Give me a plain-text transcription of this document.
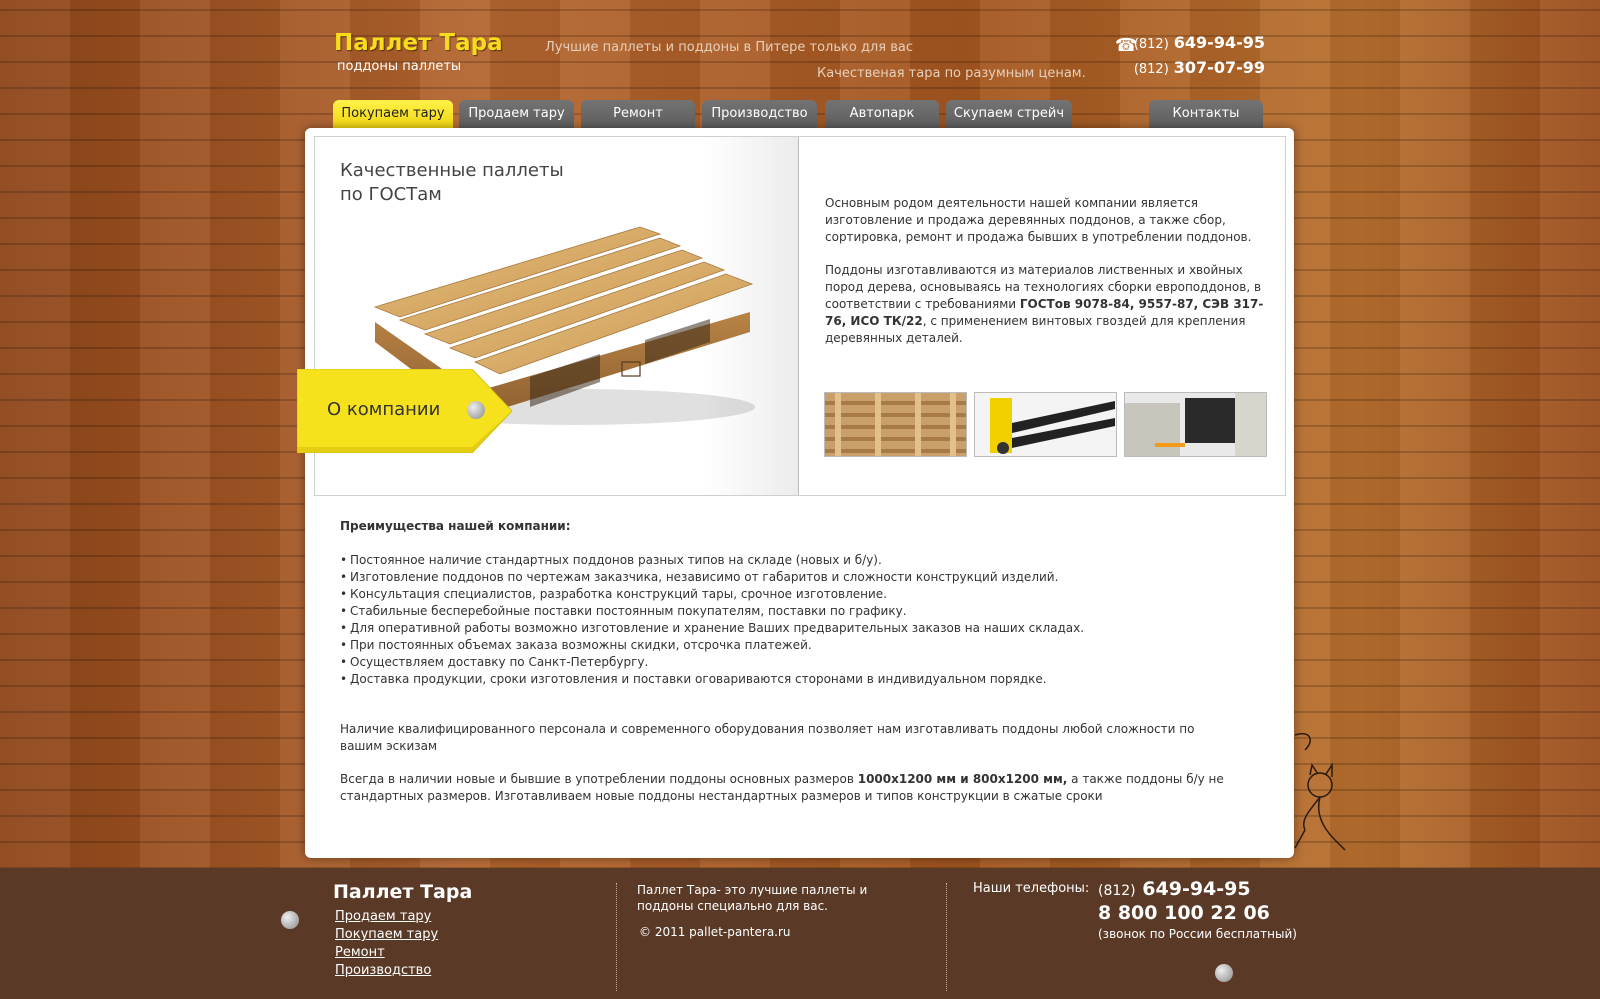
Паллет Тара
поддоны паллеты
Лучшие паллеты и поддоны в Питере только для вас
Качественая тара по разумным ценам.
☎
(812) 649-94-95
(812) 307-07-99
Покупаем тару	Продаем тару	Ремонт	Производство	Автопарк	Скупаем стрейч	Контакты
Качественные паллеты
по ГОСТам
О компании

Основным родом деятельности нашей компании является изготовление и продажа деревянных поддонов, а также сбор, сортировка, ремонт и продажа бывших в употреблении поддонов.

Поддоны изготавливаются из материалов лиственных и хвойных пород дерева, основываясь на технологиях сборки европоддонов, в соответствии с требованиями ГОСТов 9078-84, 9557-87, СЭВ 317-76, ИСО ТК/22, с применением винтовых гвоздей для крепления деревянных деталей.

Преимущества нашей компании:
• Постоянное наличие стандартных поддонов разных типов на складе (новых и б/у).
• Изготовление поддонов по чертежам заказчика, независимо от габаритов и сложности конструкций изделий.
• Консультация специалистов, разработка конструкций тары, срочное изготовление.
• Стабильные бесперебойные поставки постоянным покупателям, поставки по графику.
• Для оперативной работы возможно изготовление и хранение Ваших предварительных заказов на наших складах.
• При постоянных объемах заказа возможны скидки, отсрочка платежей.
• Осуществляем доставку по Санкт-Петербургу.
• Доставка продукции, сроки изготовления и поставки оговариваются сторонами в индивидуальном порядке.

Наличие квалифицированного персонала и современного оборудования позволяет нам изготавливать поддоны любой сложности по вашим эскизам

Всегда в наличии новые и бывшие в употреблении поддоны основных размеров 1000х1200 мм и 800х1200 мм, а также поддоны б/у не стандартных размеров. Изготавливаем новые поддоны нестандартных размеров и типов конструкции в сжатые сроки

Паллет Тара
Продаем тару
Покупаем тару
Ремонт
Производство
Паллет Тара- это лучшие паллеты и поддоны специально для вас.
© 2011 pallet-pantera.ru
Наши телефоны: (812) 649-94-95
8 800 100 22 06
(звонок по России бесплатный)
